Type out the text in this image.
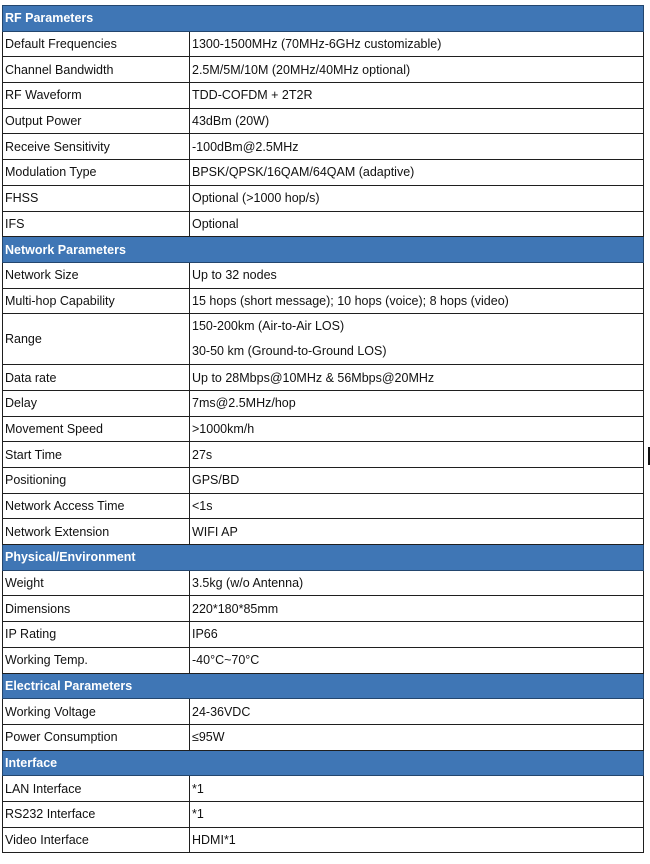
RF Parameters	
Default Frequencies	1300-1500MHz (70MHz-6GHz customizable)
Channel Bandwidth	2.5M/5M/10M (20MHz/40MHz optional)
RF Waveform	TDD-COFDM + 2T2R
Output Power	43dBm (20W)
Receive Sensitivity	-100dBm@2.5MHz
Modulation Type	BPSK/QPSK/16QAM/64QAM (adaptive)
FHSS	Optional (>1000 hop/s)
IFS	Optional
Network Parameters	
Network Size	Up to 32 nodes
Multi-hop Capability	15 hops (short message); 10 hops (voice); 8 hops (video)
Range	150-200km (Air-to-Air LOS)
30-50 km (Ground-to-Ground LOS)

Data rate	Up to 28Mbps@10MHz & 56Mbps@20MHz
Delay	7ms@2.5MHz/hop
Movement Speed	>1000km/h
Start Time	27s
Positioning	GPS/BD
Network Access Time	<1s
Network Extension	WIFI AP
Physical/Environment	
Weight	3.5kg (w/o Antenna)
Dimensions	220*180*85mm
IP Rating	IP66
Working Temp.	-40°C~70°C
Electrical Parameters	
Working Voltage	24-36VDC
Power Consumption	≤95W
Interface	
LAN Interface	*1
RS232 Interface	*1
Video Interface	HDMI*1
